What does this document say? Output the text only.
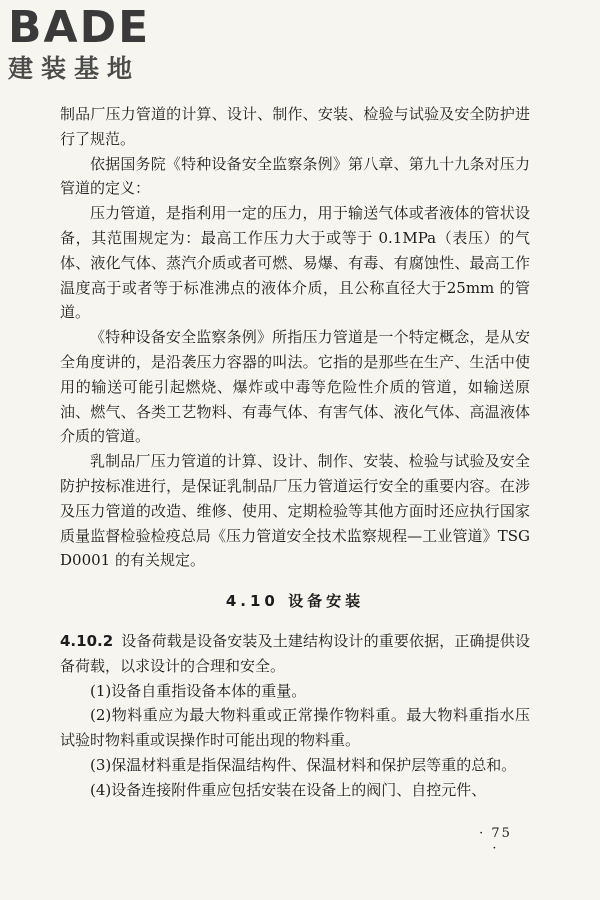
BADE
建装基地

制品厂压力管道的计算、设计、制作、安装、检验与试验及安全防护进行了规范。

依据国务院《特种设备安全监察条例》第八章、第九十九条对压力管道的定义：

压力管道，是指利用一定的压力，用于输送气体或者液体的管状设备，其范围规定为：最高工作压力大于或等于 0.1MPa（表压）的气体、液化气体、蒸汽介质或者可燃、易爆、有毒、有腐蚀性、最高工作温度高于或者等于标准沸点的液体介质，且公称直径大于25mm 的管道。

《特种设备安全监察条例》所指压力管道是一个特定概念，是从安全角度讲的，是沿袭压力容器的叫法。它指的是那些在生产、生活中使用的输送可能引起燃烧、爆炸或中毒等危险性介质的管道，如输送原油、燃气、各类工艺物料、有毒气体、有害气体、液化气体、高温液体介质的管道。

乳制品厂压力管道的计算、设计、制作、安装、检验与试验及安全防护按标准进行，是保证乳制品厂压力管道运行安全的重要内容。在涉及压力管道的改造、维修、使用、定期检验等其他方面时还应执行国家质量监督检验检疫总局《压力管道安全技术监察规程—工业管道》TSG D0001 的有关规定。

4.10 设备安装

4.10.2 设备荷载是设备安装及土建结构设计的重要依据，正确提供设备荷载，以求设计的合理和安全。

(1)设备自重指设备本体的重量。

(2)物料重应为最大物料重或正常操作物料重。最大物料重指水压试验时物料重或误操作时可能出现的物料重。

(3)保温材料重是指保温结构件、保温材料和保护层等重的总和。

(4)设备连接附件重应包括安装在设备上的阀门、自控元件、

· 75 ·
